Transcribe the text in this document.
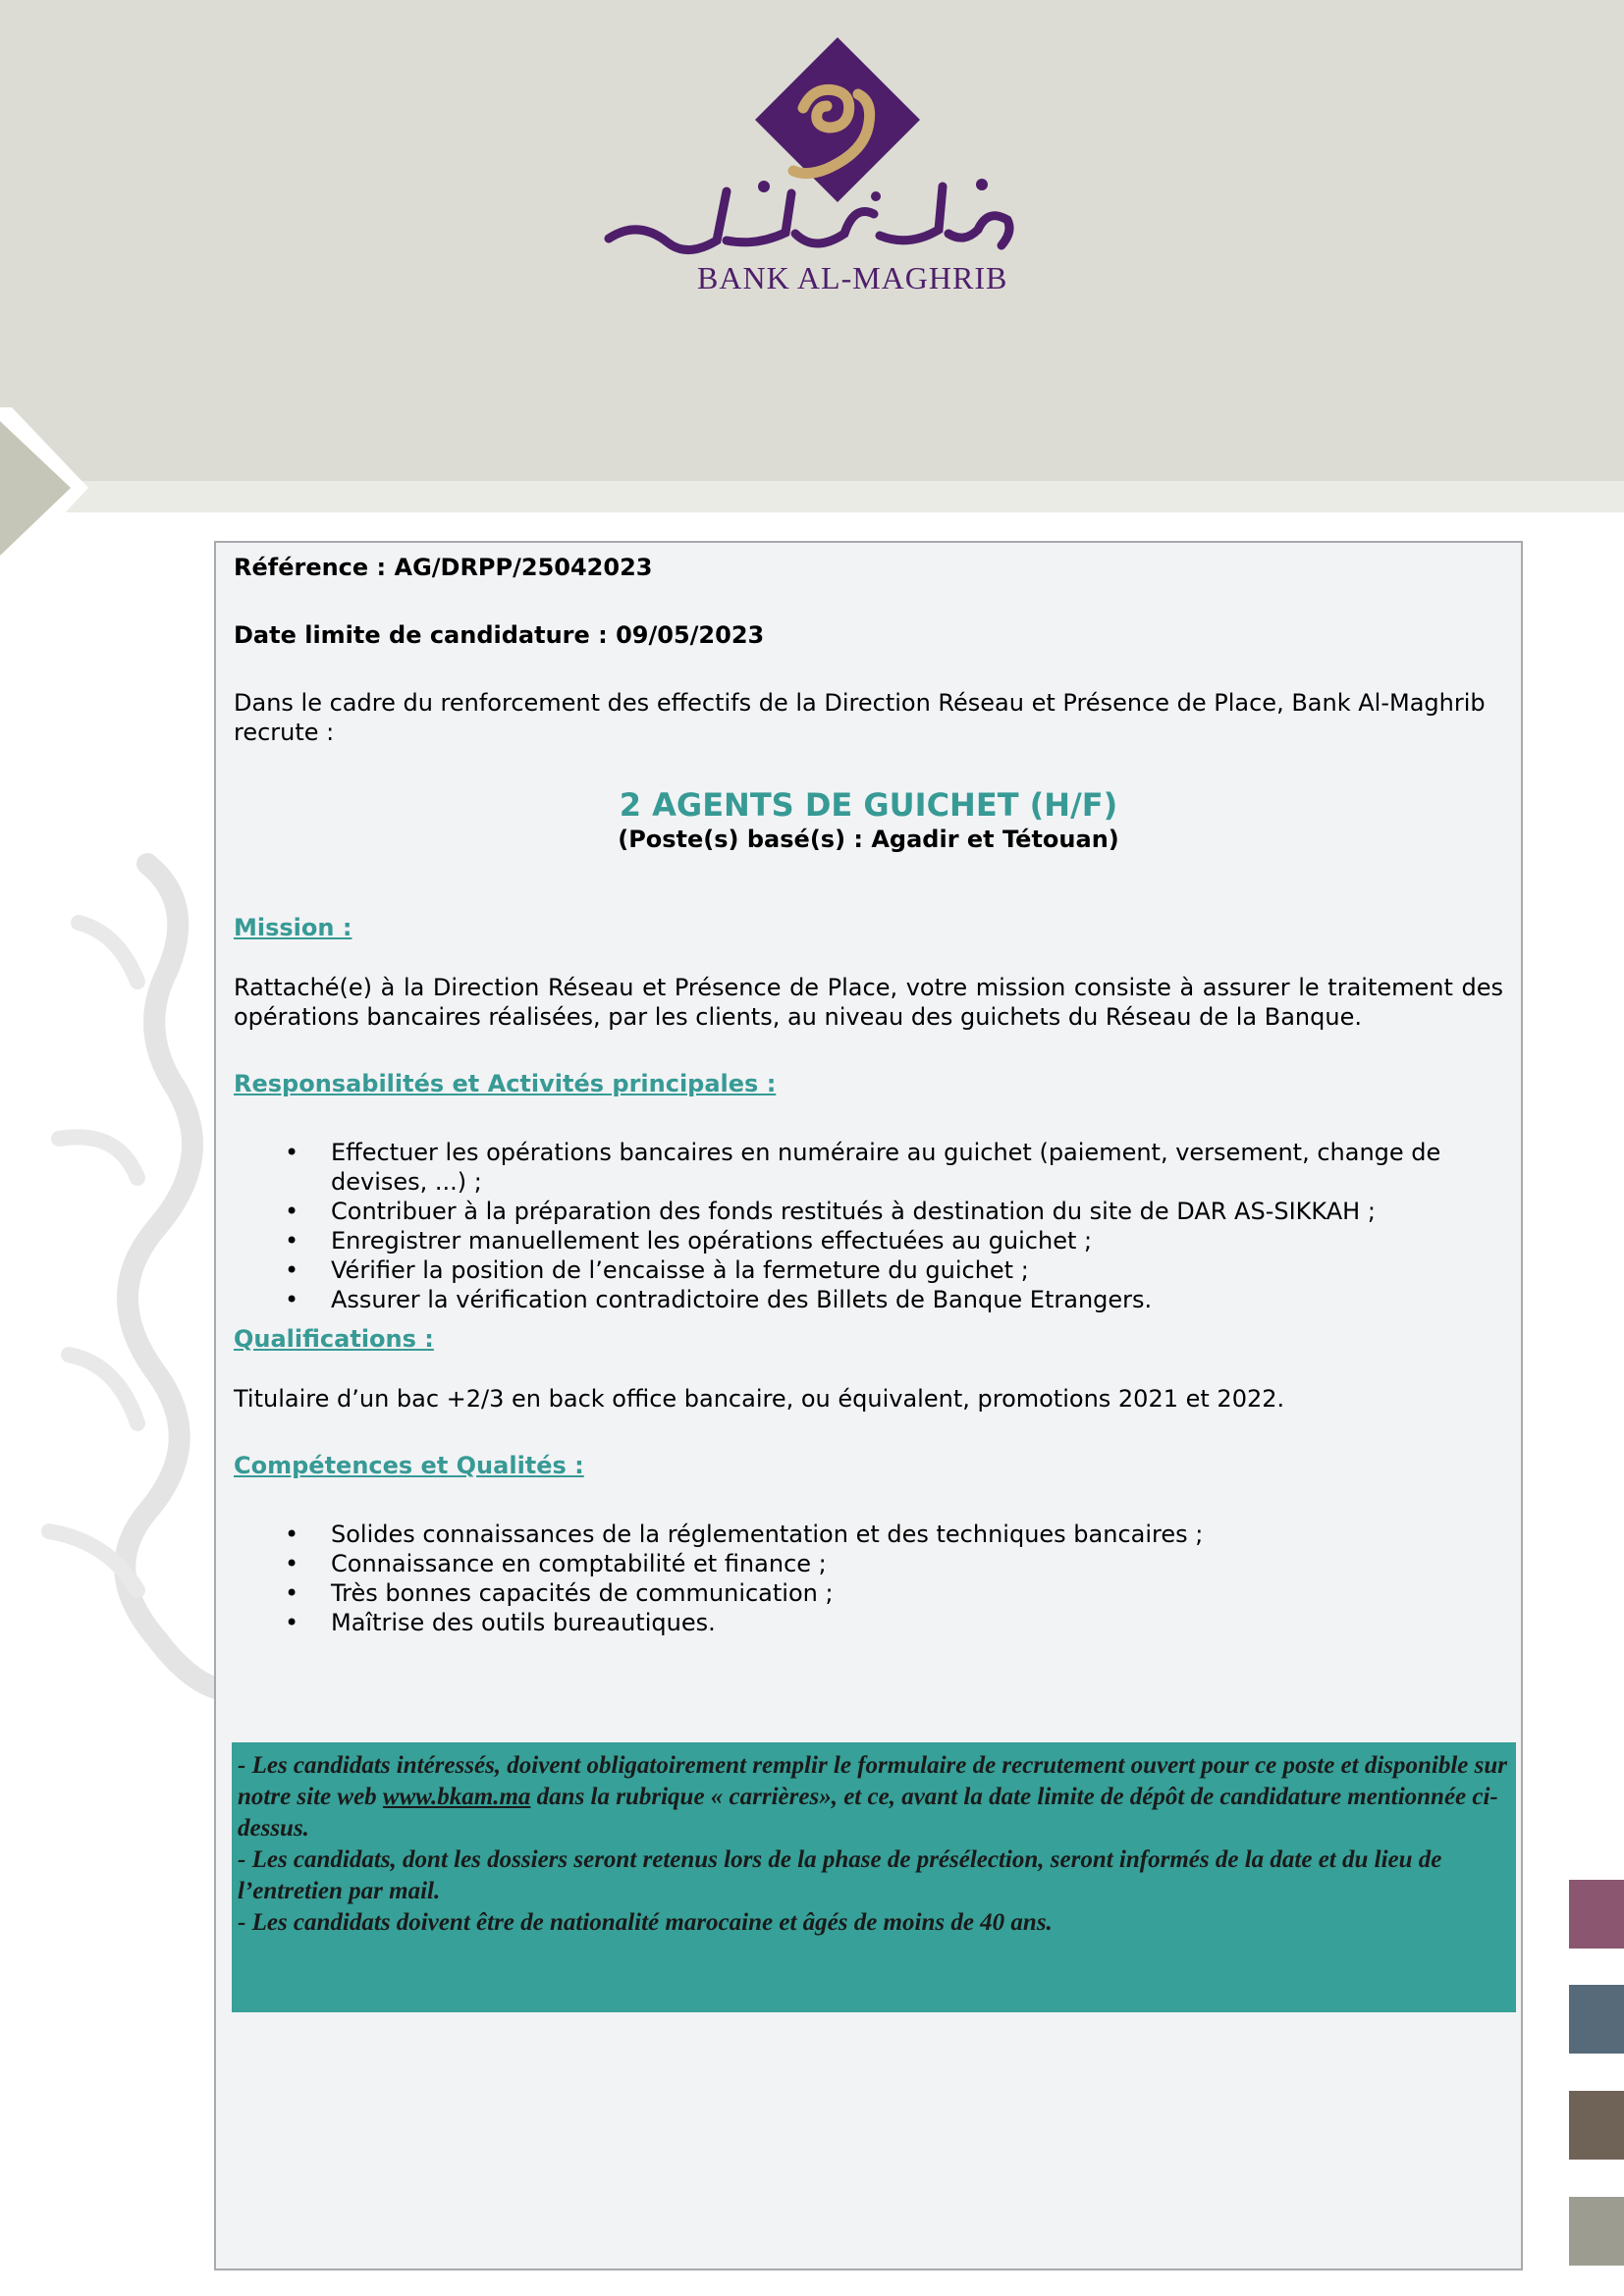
BANK AL-MAGHRIB
Référence : AG/DRPP/25042023
Date limite de candidature : 09/05/2023
Dans le cadre du renforcement des effectifs de la Direction Réseau et Présence de Place, Bank Al-Maghrib recrute :
2 AGENTS DE GUICHET (H/F)
(Poste(s) basé(s) : Agadir et Tétouan)
Mission :
Rattaché(e) à la Direction Réseau et Présence de Place, votre mission consiste à assurer le traitement des opérations bancaires réalisées, par les clients, au niveau des guichets du Réseau de la Banque.
Responsabilités et Activités principales :
• Effectuer les opérations bancaires en numéraire au guichet (paiement, versement, change de devises, ...) ;
• Contribuer à la préparation des fonds restitués à destination du site de DAR AS-SIKKAH ;
• Enregistrer manuellement les opérations effectuées au guichet ;
• Vérifier la position de l’encaisse à la fermeture du guichet ;
• Assurer la vérification contradictoire des Billets de Banque Etrangers.
Qualifications :
Titulaire d’un bac +2/3 en back office bancaire, ou équivalent, promotions 2021 et 2022.
Compétences et Qualités :
• Solides connaissances de la réglementation et des techniques bancaires ;
• Connaissance en comptabilité et finance ;
• Très bonnes capacités de communication ;
• Maîtrise des outils bureautiques.
- Les candidats intéressés, doivent obligatoirement remplir le formulaire de recrutement ouvert pour ce poste et disponible sur notre site web www.bkam.ma dans la rubrique « carrières», et ce, avant la date limite de dépôt de candidature mentionnée ci-dessus.
- Les candidats, dont les dossiers seront retenus lors de la phase de présélection, seront informés de la date et du lieu de l’entretien par mail.
- Les candidats doivent être de nationalité marocaine et âgés de moins de 40 ans.
